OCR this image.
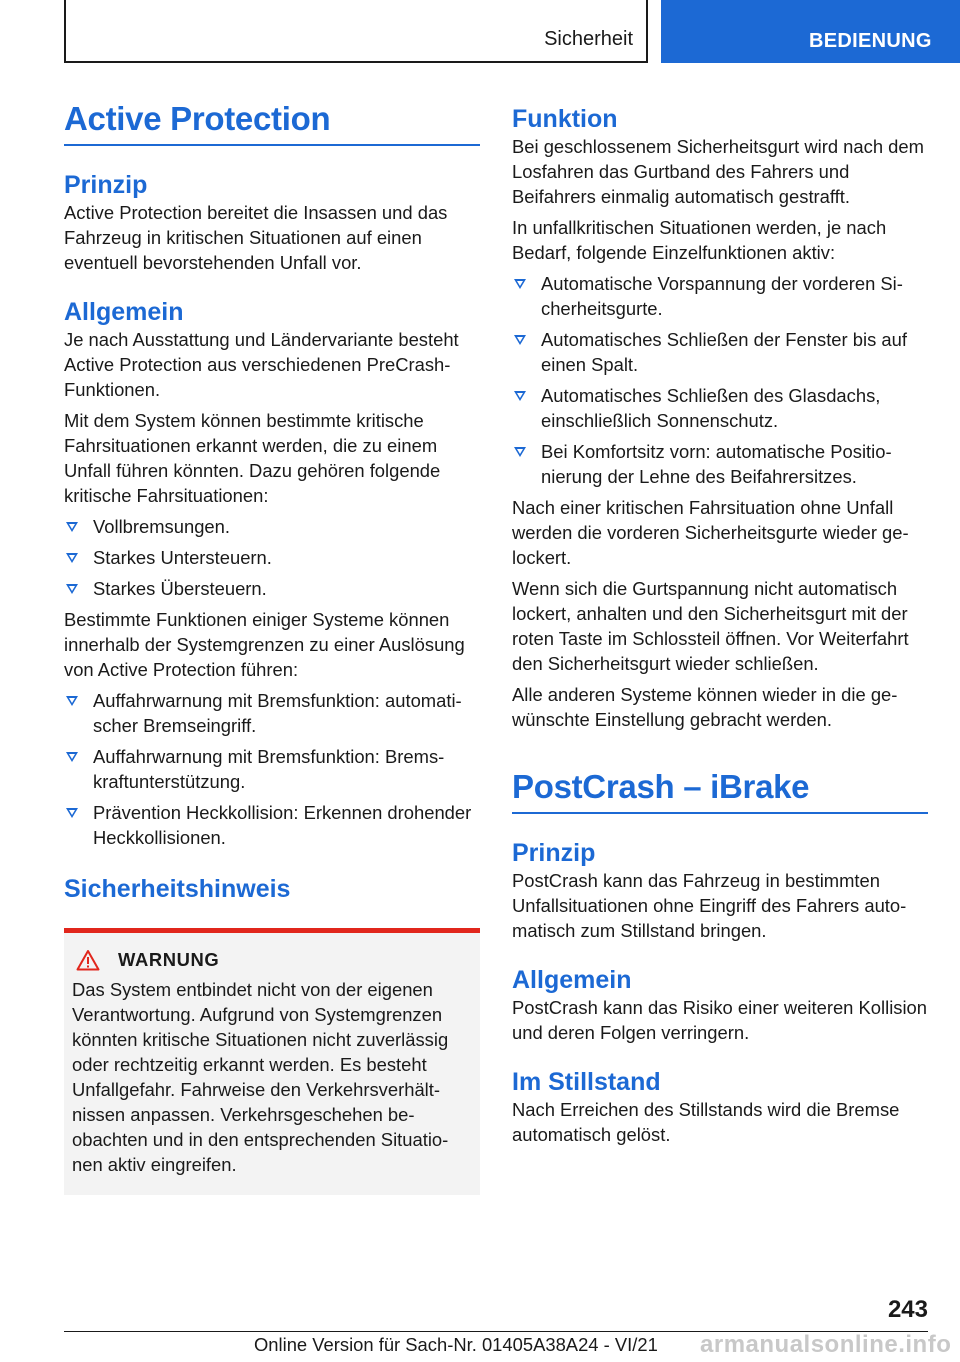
Sicherheit	BEDIENUNG
Active Protection
Prinzip

Active Protection bereitet die Insassen und das Fahrzeug in kritischen Situationen auf einen eventuell bevorstehenden Unfall vor.

Allgemein

Je nach Ausstattung und Ländervariante besteht Active Protection aus verschiedenen PreCrash-Funktionen.

Mit dem System können bestimmte kritische Fahrsituationen erkannt werden, die zu einem Unfall führen könnten. Dazu gehören folgende kritische Fahrsituationen:

Vollbremsungen.
Starkes Untersteuern.
Starkes Übersteuern.

Bestimmte Funktionen einiger Systeme können innerhalb der Systemgrenzen zu einer Auslösung von Active Protection führen:

Auffahrwarnung mit Bremsfunktion: automatischer Bremseingriff.
Auffahrwarnung mit Bremsfunktion: Bremskraftunterstützung.
Prävention Heckkollision: Erkennen drohender Heckkollisionen.
Sicherheitshinweis
WARNUNG

Das System entbindet nicht von der eigenen Verantwortung. Aufgrund von Systemgrenzen könnten kritische Situationen nicht zuverlässig oder rechtzeitig erkannt werden. Es besteht Unfallgefahr. Fahrweise den Verkehrsverhältnissen anpassen. Verkehrsgeschehen beobachten und in den entsprechenden Situationen aktiv eingreifen.

Funktion

Bei geschlossenem Sicherheitsgurt wird nach dem Losfahren das Gurtband des Fahrers und Beifahrers einmalig automatisch gestrafft.

In unfallkritischen Situationen werden, je nach Bedarf, folgende Einzelfunktionen aktiv:

Automatische Vorspannung der vorderen Sicherheitsgurte.
Automatisches Schließen der Fenster bis auf einen Spalt.
Automatisches Schließen des Glasdachs, einschließlich Sonnenschutz.
Bei Komfortsitz vorn: automatische Positionierung der Lehne des Beifahrersitzes.

Nach einer kritischen Fahrsituation ohne Unfall werden die vorderen Sicherheitsgurte wieder gelockert.

Wenn sich die Gurtspannung nicht automatisch lockert, anhalten und den Sicherheitsgurt mit der roten Taste im Schlossteil öffnen. Vor Weiterfahrt den Sicherheitsgurt wieder schließen.

Alle anderen Systeme können wieder in die gewünschte Einstellung gebracht werden.

PostCrash – iBrake
Prinzip

PostCrash kann das Fahrzeug in bestimmten Unfallsituationen ohne Eingriff des Fahrers automatisch zum Stillstand bringen.

Allgemein

PostCrash kann das Risiko einer weiteren Kollision und deren Folgen verringern.

Im Stillstand

Nach Erreichen des Stillstands wird die Bremse automatisch gelöst.

243
Online Version für Sach-Nr. 01405A38A24 - VI/21 armanualsonline.info
